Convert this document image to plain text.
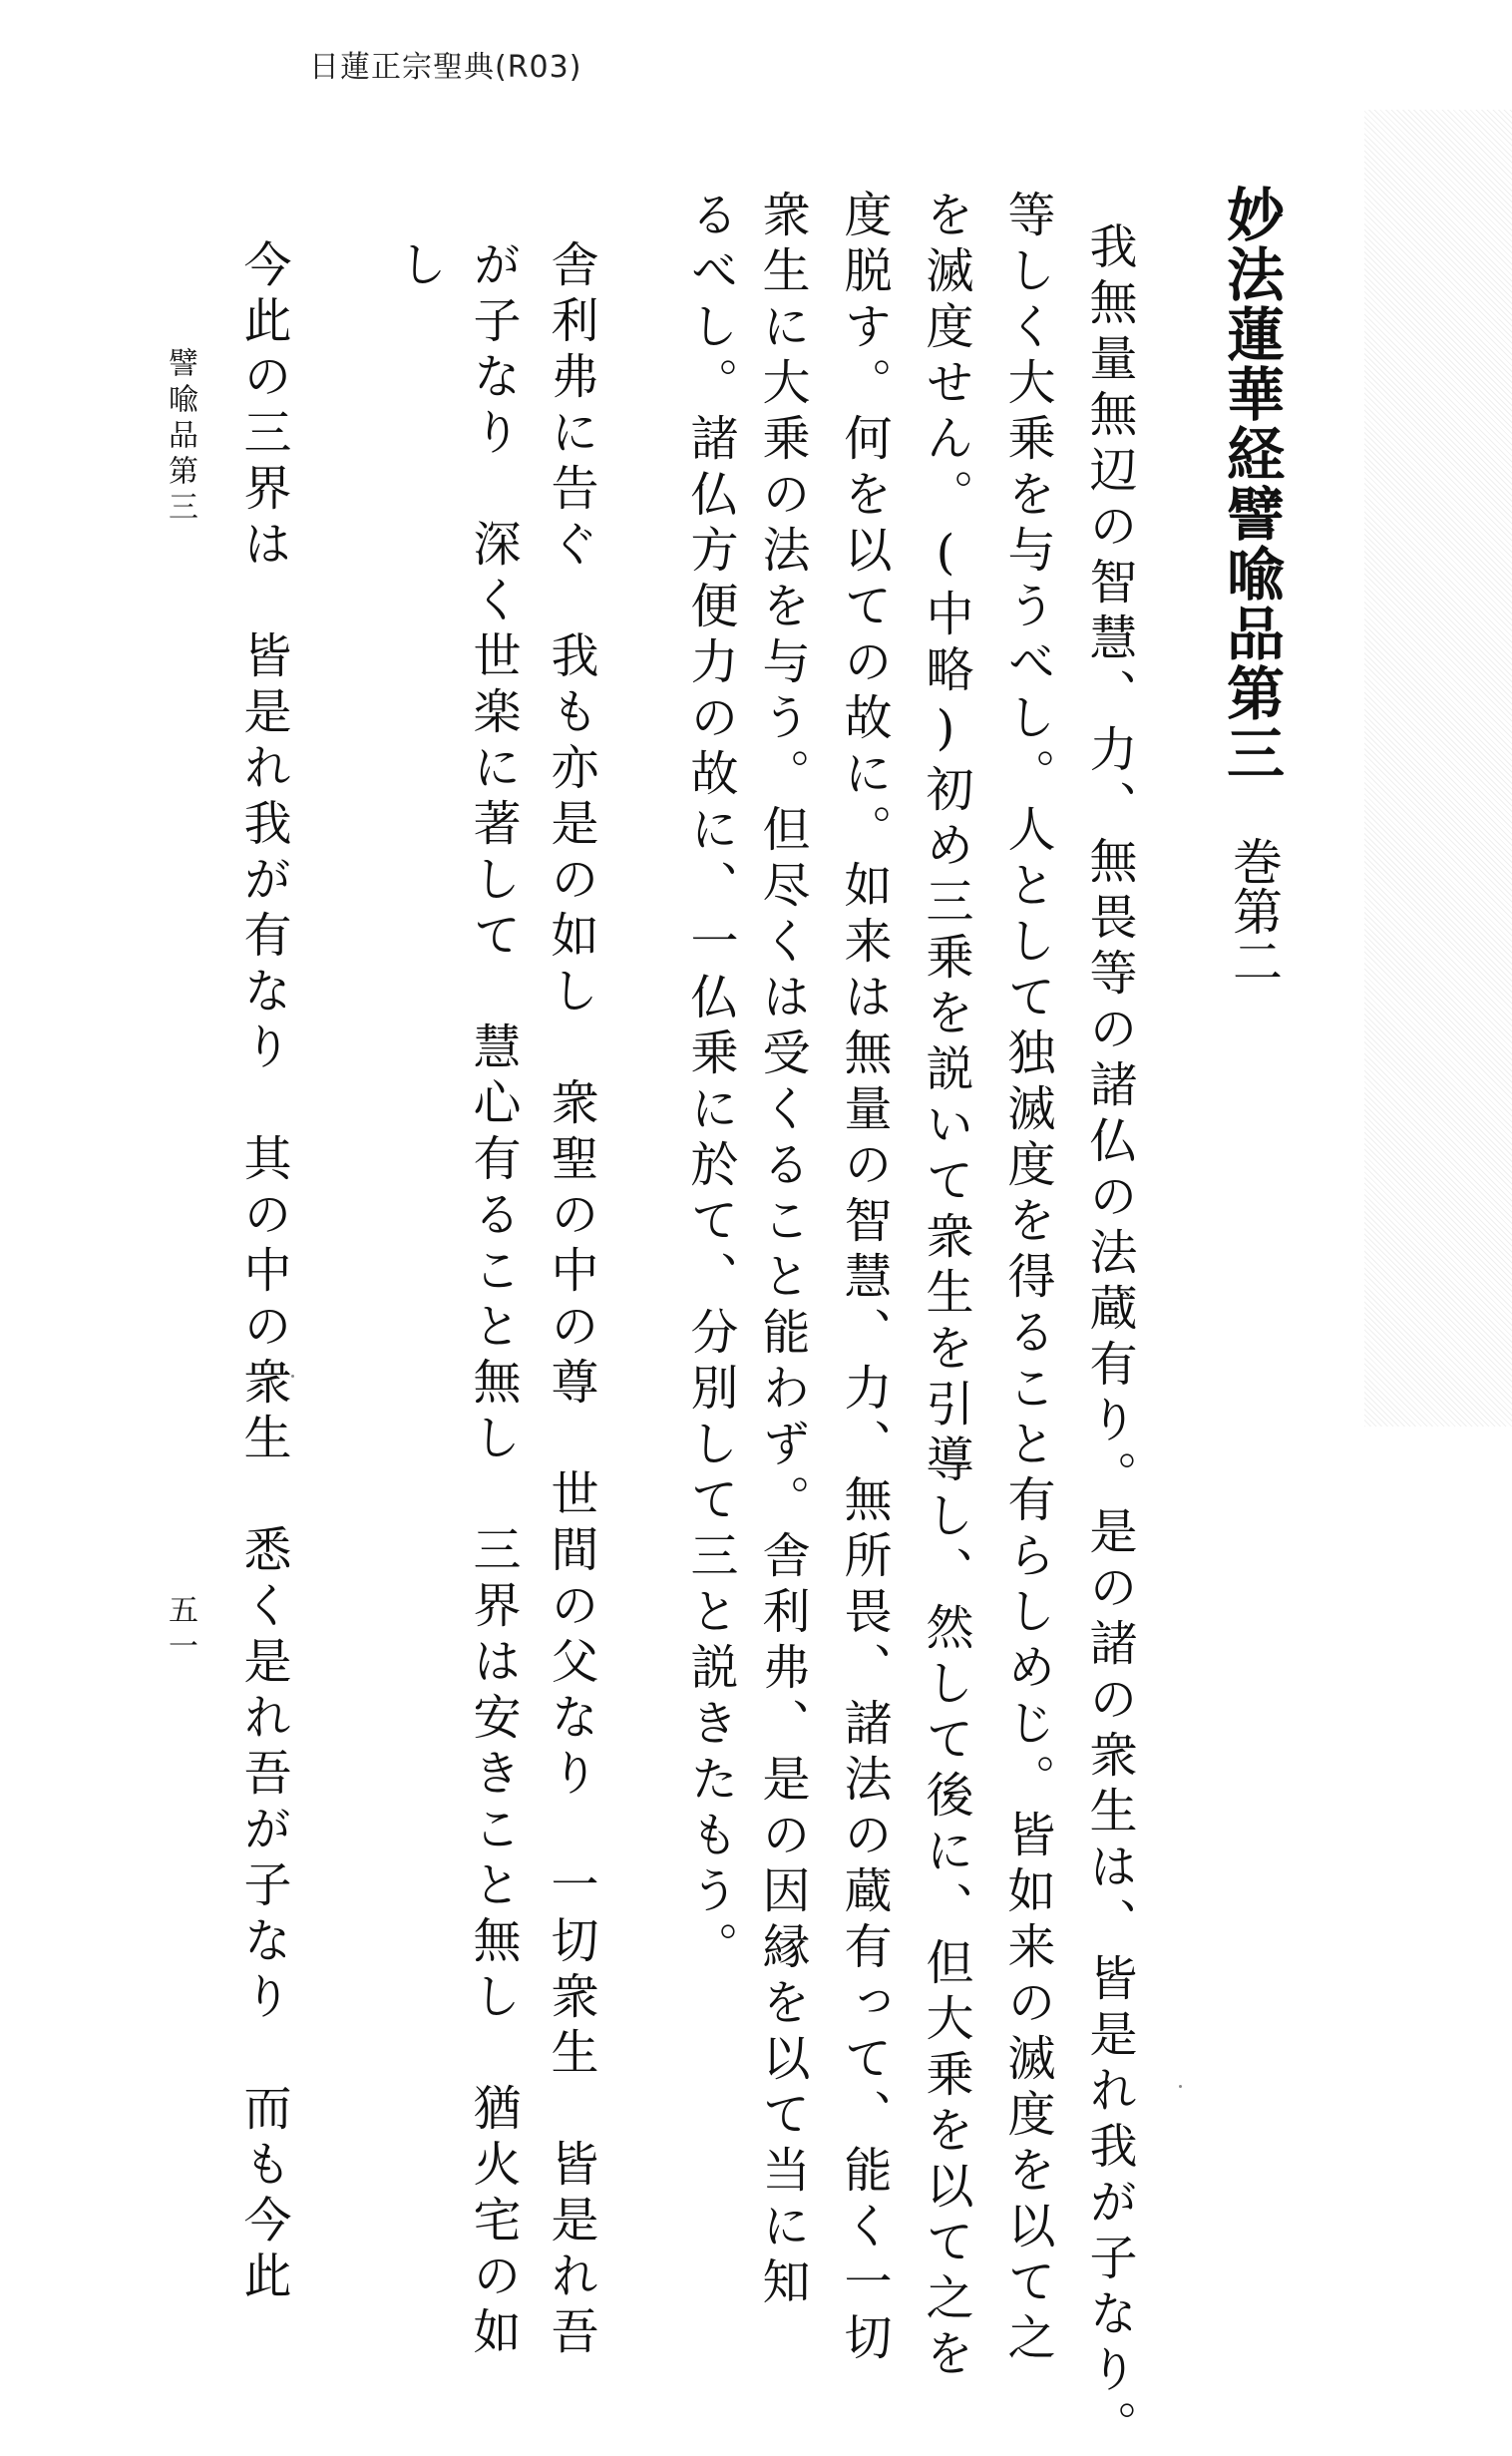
日蓮正宗聖典(R03)
妙法蓮華経譬喩品第三
巻第二
我無量無辺の智慧、力、無畏等の諸仏の法蔵有り。是の諸の衆生は、皆是れ我が子なり。
等しく大乗を与うべし。人として独滅度を得ること有らしめじ。皆如来の滅度を以て之
を滅度せん。(中略)初め三乗を説いて衆生を引導し、然して後に、但大乗を以て之を
度脱す。何を以ての故に。如来は無量の智慧、力、無所畏、諸法の蔵有って、能く一切
衆生に大乗の法を与う。但尽くは受くること能わず。舎利弗、是の因縁を以て当に知
るべし。諸仏方便力の故に、一仏乗に於て、分別して三と説きたもう。
舎利弗に告ぐ　我も亦是の如し　衆聖の中の尊　世間の父なり　一切衆生　皆是れ吾
が子なり　深く世楽に著して　慧心有ること無し　三界は安きこと無し　猶火宅の如
し
今此の三界は　皆是れ我が有なり　其の中の衆生　悉く是れ吾が子なり　而も今此
譬喩品第三
五一
